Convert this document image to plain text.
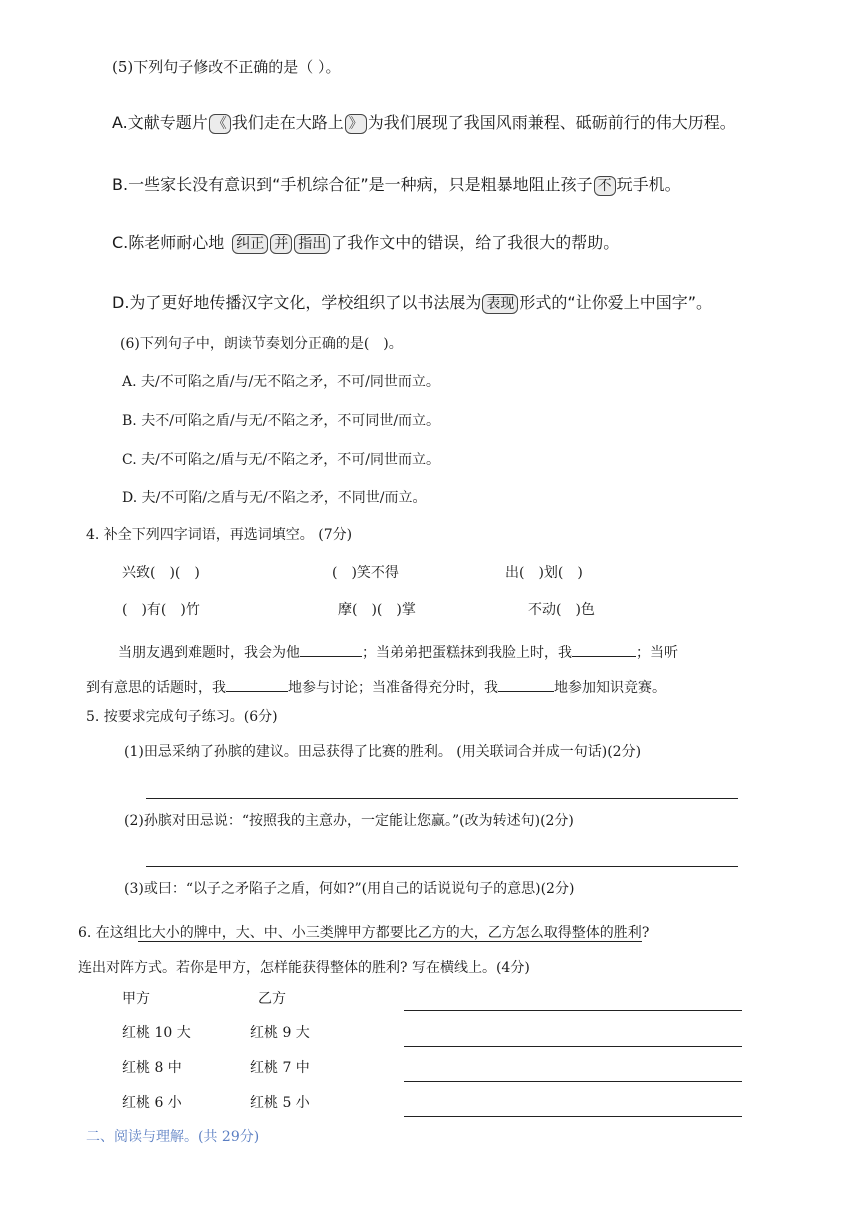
(5)下列句子修改不正确的是（ ）。
A.文献专题片 《 我们走在大路上 》 为我们展现了我国风雨兼程、砥砺前行的伟大历程。
B.一些家长没有意识到“手机综合征”是一种病，只是粗暴地阻止孩子 不 玩手机。
C.陈老师耐心地 纠正 并 指出 了我作文中的错误，给了我很大的帮助。
D.为了更好地传播汉字文化，学校组织了以书法展为 表现 形式的“让你爱上中国字”。
(6)下列句子中，朗读节奏划分正确的是(　)。
A. 夫/不可陷之盾/与/无不陷之矛，不可/同世而立。
B. 夫不/可陷之盾/与无/不陷之矛，不可同世/而立。
C. 夫/不可陷之/盾与无/不陷之矛，不可/同世而立。
D. 夫/不可陷/之盾与无/不陷之矛，不同世/而立。
4. 补全下列四字词语，再选词填空。 (7分)
兴致(　)(　)	(　)笑不得	出(　)划(　)
(　)有(　)竹	摩(　)(　)掌	不动(　)色
当朋友遇到难题时，我会为他	；当弟弟把蛋糕抹到我脸上时，我	；当听
到有意思的话题时，我	地参与讨论；当准备得充分时，我	地参加知识竞赛。
5. 按要求完成句子练习。(6分)
(1)田忌采纳了孙膑的建议。田忌获得了比赛的胜利。 (用关联词合并成一句话)(2分)
(2)孙膑对田忌说：“按照我的主意办，一定能让您赢。”(改为转述句)(2分)
(3)或曰：“以子之矛陷子之盾，何如?”(用自己的话说说句子的意思)(2分)
6. 在这组比大小的牌中，大、中、小三类牌甲方都要比乙方的大，乙方怎么取得整体的胜利?
连出对阵方式。若你是甲方，怎样能获得整体的胜利? 写在横线上。(4分)
甲方	乙方
红桃 10 大	红桃 9 大
红桃 8 中	红桃 7 中
红桃 6 小	红桃 5 小
二、阅读与理解。(共 29分)
